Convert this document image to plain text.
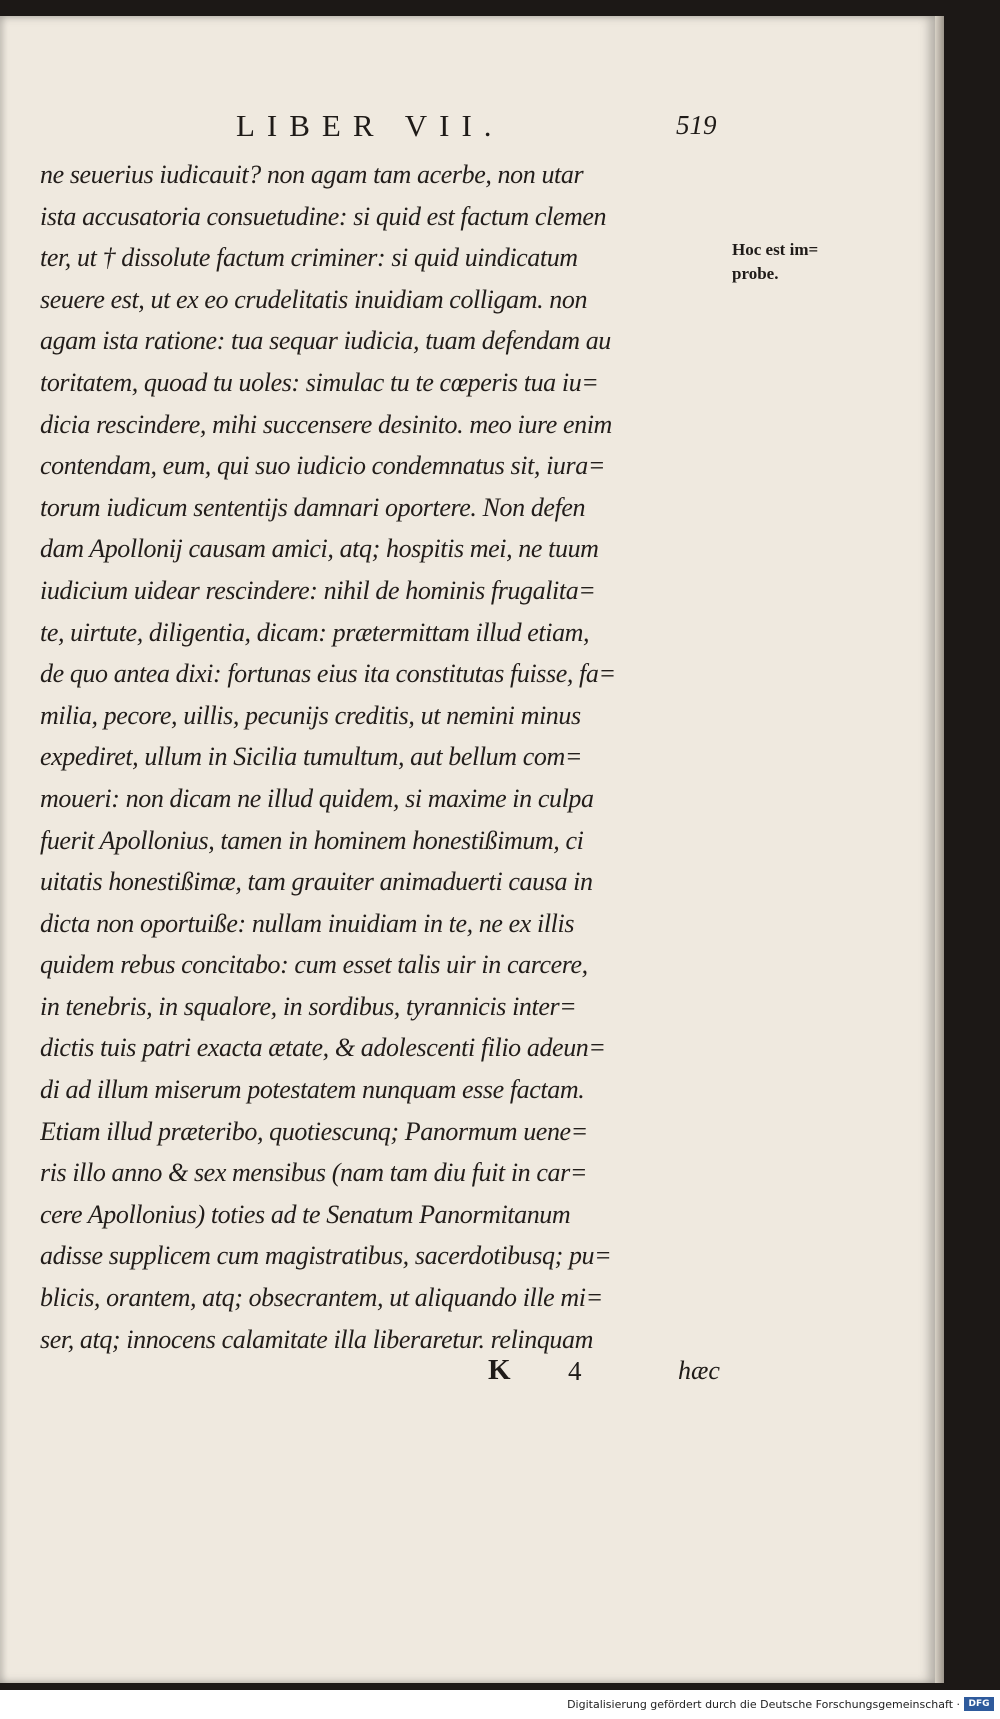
LIBER VII.	519
ne seuerius iudicauit? non agam tam acerbe, non utar
ista accusatoria consuetudine: si quid est factum clemen
ter, ut † dissolute factum criminer: si quid uindicatum
seuere est, ut ex eo crudelitatis inuidiam colligam. non
agam ista ratione: tua sequar iudicia, tuam defendam au
toritatem, quoad tu uoles: simulac tu te cœperis tua iu=
dicia rescindere, mihi succensere desinito. meo iure enim
contendam, eum, qui suo iudicio condemnatus sit, iura=
torum iudicum sententijs damnari oportere. Non defen
dam Apollonij causam amici, atq; hospitis mei, ne tuum
iudicium uidear rescindere: nihil de hominis frugalita=
te, uirtute, diligentia, dicam: prætermittam illud etiam,
de quo antea dixi: fortunas eius ita constitutas fuisse, fa=
milia, pecore, uillis, pecunijs creditis, ut nemini minus
expediret, ullum in Sicilia tumultum, aut bellum com=
moueri: non dicam ne illud quidem, si maxime in culpa
fuerit Apollonius, tamen in hominem honestißimum, ci
uitatis honestißimæ, tam grauiter animaduerti causa in
dicta non oportuiße: nullam inuidiam in te, ne ex illis
quidem rebus concitabo: cum esset talis uir in carcere,
in tenebris, in squalore, in sordibus, tyrannicis inter=
dictis tuis patri exacta ætate, & adolescenti filio adeun=
di ad illum miserum potestatem nunquam esse factam.
Etiam illud præteribo, quotiescunq; Panormum uene=
ris illo anno & sex mensibus (nam tam diu fuit in car=
cere Apollonius) toties ad te Senatum Panormitanum
adisse supplicem cum magistratibus, sacerdotibusq; pu=
blicis, orantem, atq; obsecrantem, ut aliquando ille mi=
ser, atq; innocens calamitate illa liberaretur. relinquam
Hoc est im=
probe.
K 4	hæc
Digitalisierung gefördert durch die Deutsche Forschungsgemeinschaft · DFG
